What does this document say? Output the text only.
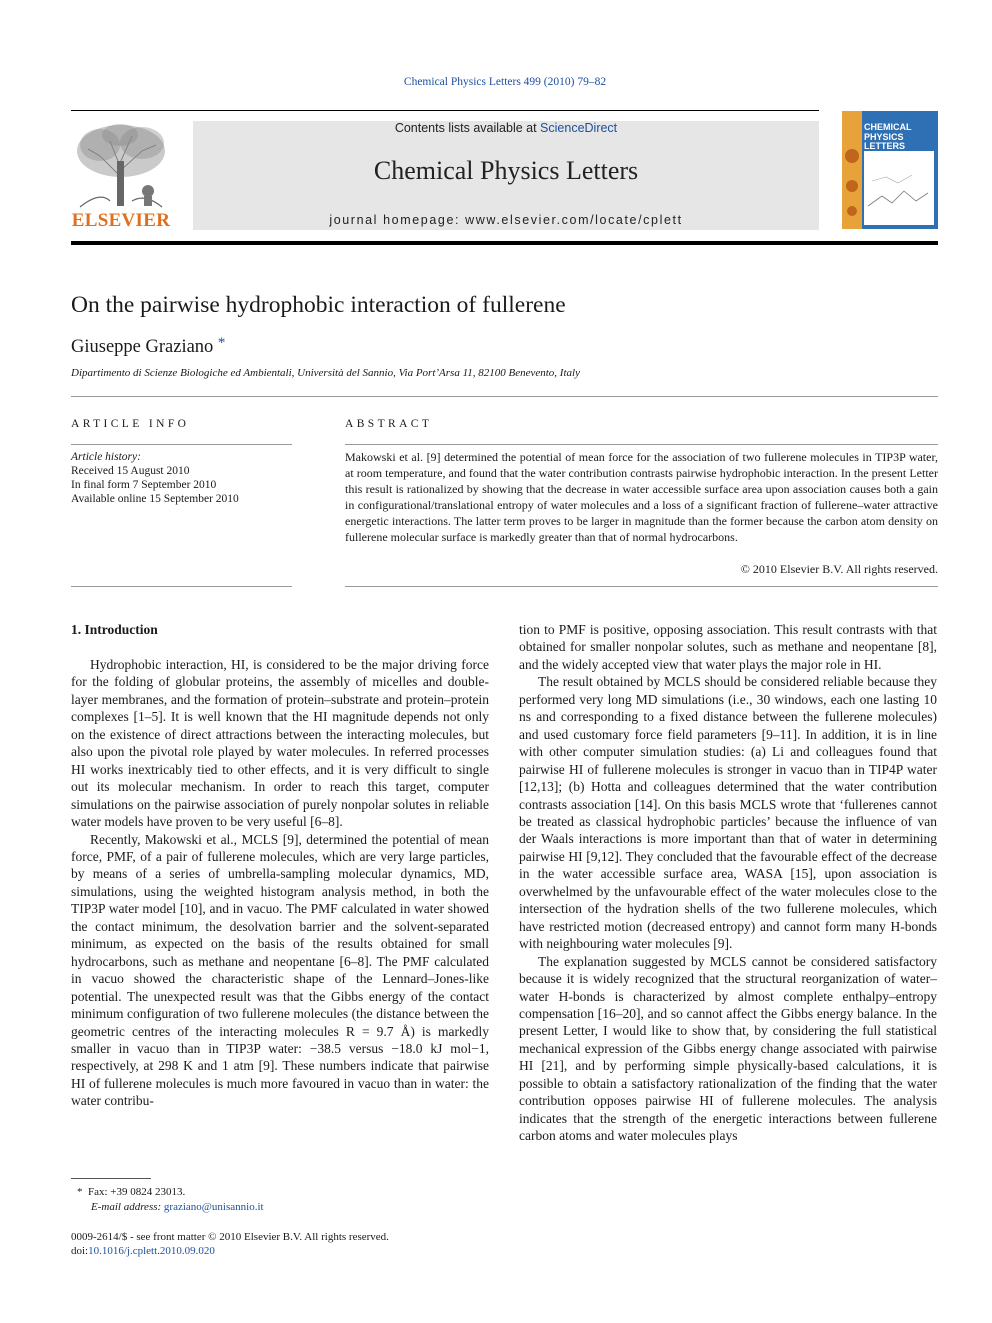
Chemical Physics Letters 499 (2010) 79–82
ELSEVIER
Contents lists available at ScienceDirect
Chemical Physics Letters
journal homepage: www.elsevier.com/locate/cplett
CHEMICAL
PHYSICS
LETTERS
On the pairwise hydrophobic interaction of fullerene
Giuseppe Graziano *
Dipartimento di Scienze Biologiche ed Ambientali, Università del Sannio, Via Port’Arsa 11, 82100 Benevento, Italy
ARTICLE INFO
Article history:
Received 15 August 2010
In final form 7 September 2010
Available online 15 September 2010
ABSTRACT
Makowski et al. [9] determined the potential of mean force for the association of two fullerene molecules in TIP3P water, at room temperature, and found that the water contribution contrasts pairwise hydrophobic interaction. In the present Letter this result is rationalized by showing that the decrease in water accessible surface area upon association causes both a gain in configurational/translational entropy of water molecules and a loss of a significant fraction of fullerene–water attractive energetic interactions. The latter term proves to be larger in magnitude than the former because the carbon atom density on fullerene molecular surface is markedly greater than that of normal hydrocarbons.
© 2010 Elsevier B.V. All rights reserved.
1. Introduction

Hydrophobic interaction, HI, is considered to be the major driving force for the folding of globular proteins, the assembly of micelles and double-layer membranes, and the formation of protein–substrate and protein–protein complexes [1–5]. It is well known that the HI magnitude depends not only on the existence of direct attractions between the interacting molecules, but also upon the pivotal role played by water molecules. In referred processes HI works inextricably tied to other effects, and it is very difficult to single out its molecular mechanism. In order to reach this target, computer simulations on the pairwise association of purely nonpolar solutes in reliable water models have proven to be very useful [6–8].

Recently, Makowski et al., MCLS [9], determined the potential of mean force, PMF, of a pair of fullerene molecules, which are very large particles, by means of a series of umbrella-sampling molecular dynamics, MD, simulations, using the weighted histogram analysis method, in both the TIP3P water model [10], and in vacuo. The PMF calculated in water showed the contact minimum, the desolvation barrier and the solvent-separated minimum, as expected on the basis of the results obtained for small hydrocarbons, such as methane and neopentane [6–8]. The PMF calculated in vacuo showed the characteristic shape of the Lennard–Jones-like potential. The unexpected result was that the Gibbs energy of the contact minimum configuration of two fullerene molecules (the distance between the geometric centres of the interacting molecules R = 9.7 Å) is markedly smaller in vacuo than in TIP3P water: −38.5 versus −18.0 kJ mol−1, respectively, at 298 K and 1 atm [9]. These numbers indicate that pairwise HI of fullerene molecules is much more favoured in vacuo than in water: the water contribu-

tion to PMF is positive, opposing association. This result contrasts with that obtained for smaller nonpolar solutes, such as methane and neopentane [8], and the widely accepted view that water plays the major role in HI.

The result obtained by MCLS should be considered reliable because they performed very long MD simulations (i.e., 30 windows, each one lasting 10 ns and corresponding to a fixed distance between the fullerene molecules) and used customary force field parameters [9–11]. In addition, it is in line with other computer simulation studies: (a) Li and colleagues found that pairwise HI of fullerene molecules is stronger in vacuo than in TIP4P water [12,13]; (b) Hotta and colleagues determined that the water contribution contrasts association [14]. On this basis MCLS wrote that ‘fullerenes cannot be treated as classical hydrophobic particles’ because the influence of van der Waals interactions is more important than that of water in determining pairwise HI [9,12]. They concluded that the favourable effect of the decrease in the water accessible surface area, WASA [15], upon association is overwhelmed by the unfavourable effect of the water molecules close to the intersection of the hydration shells of the two fullerene molecules, which have restricted motion (decreased entropy) and cannot form many H-bonds with neighbouring water molecules [9].

The explanation suggested by MCLS cannot be considered satisfactory because it is widely recognized that the structural reorganization of water–water H-bonds is characterized by almost complete enthalpy–entropy compensation [16–20], and so cannot affect the Gibbs energy balance. In the present Letter, I would like to show that, by considering the full statistical mechanical expression of the Gibbs energy change associated with pairwise HI [21], and by performing simple physically-based calculations, it is possible to obtain a satisfactory rationalization of the finding that the water contribution opposes pairwise HI of fullerene molecules. The analysis indicates that the strength of the energetic interactions between fullerene carbon atoms and water molecules plays

* Fax: +39 0824 23013.
E-mail address: graziano@unisannio.it
0009-2614/$ - see front matter © 2010 Elsevier B.V. All rights reserved.
doi:10.1016/j.cplett.2010.09.020
